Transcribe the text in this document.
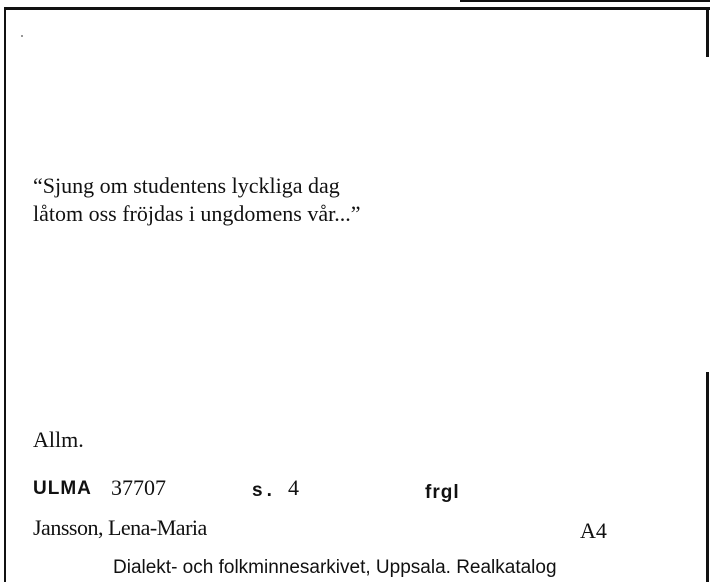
“Sjung om studentens lyckliga dag
låtom oss fröjdas i ungdomens vår...”
Allm.
ULMA 37707	s. 4	frgl
Jansson, Lena-Maria	A4
Dialekt- och folkminnesarkivet, Uppsala. Realkatalog
